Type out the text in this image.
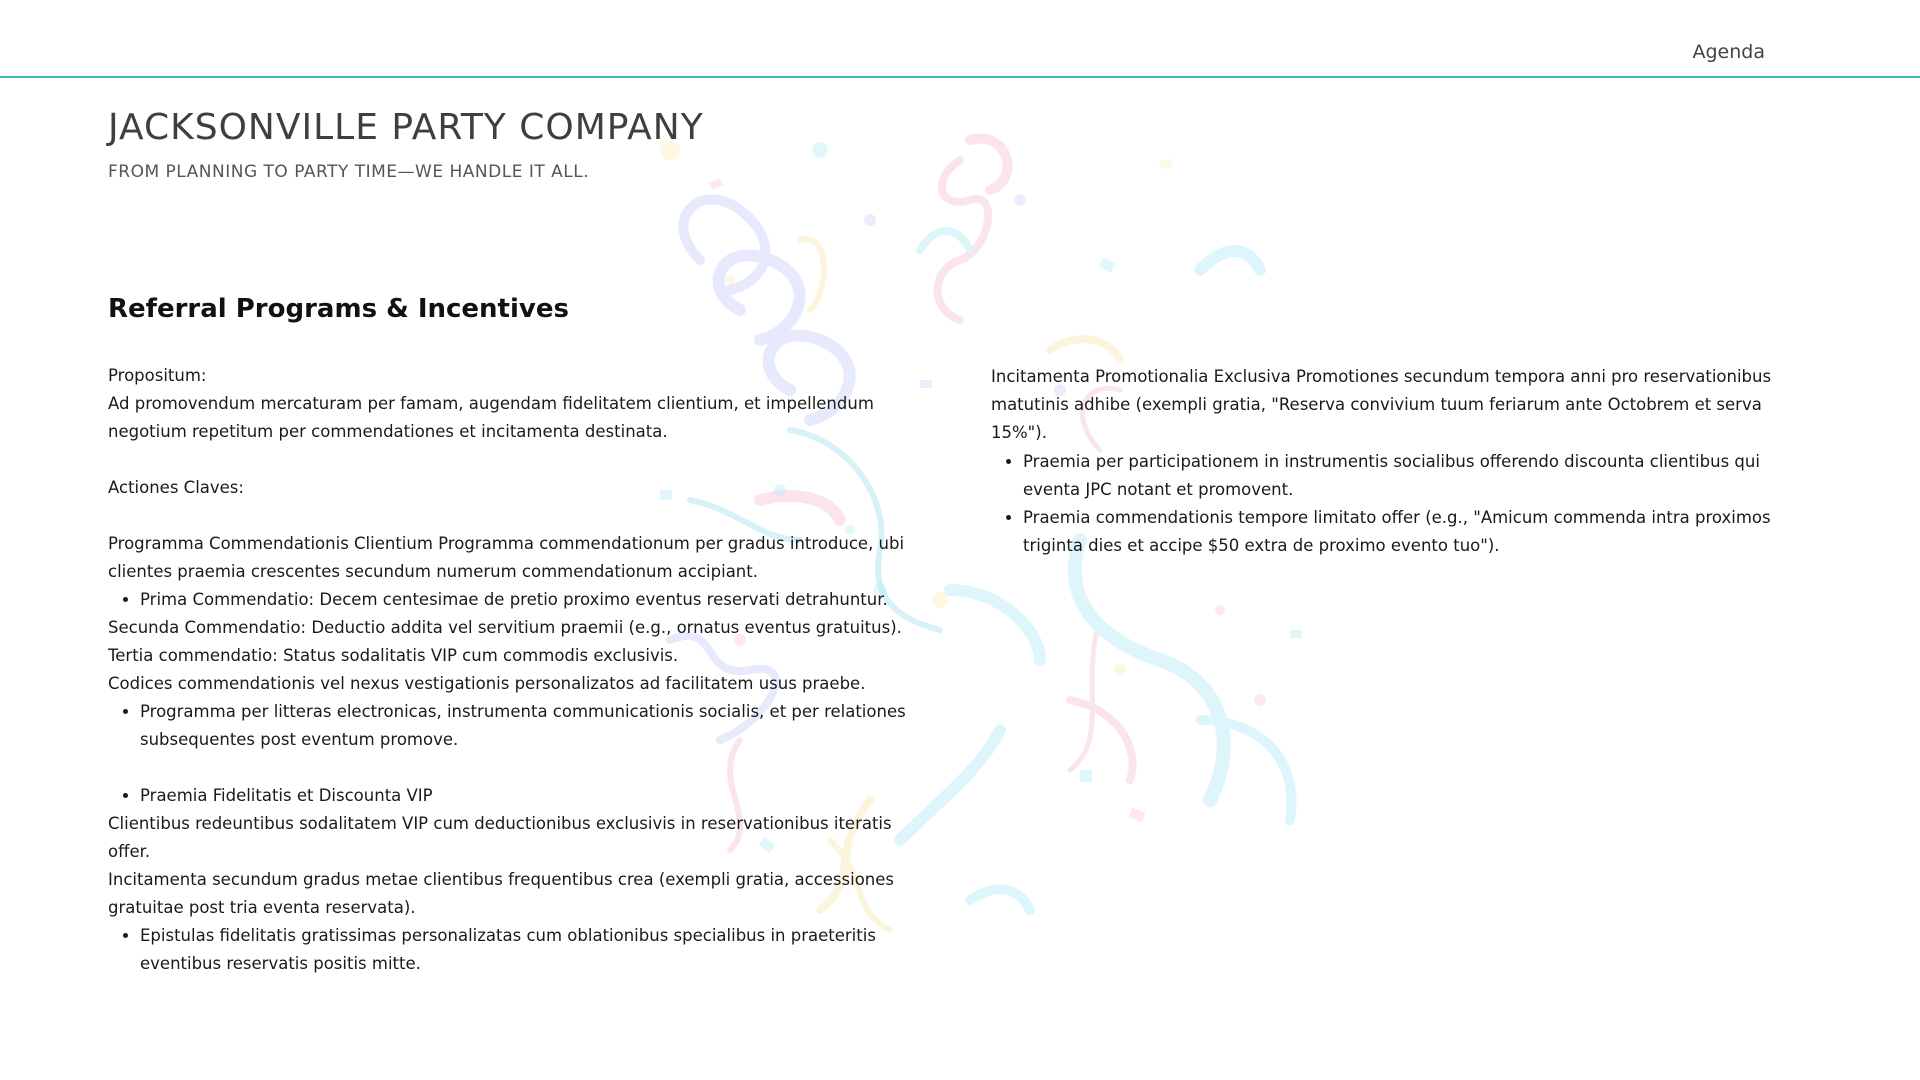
Agenda
JACKSONVILLE PARTY COMPANY
FROM PLANNING TO PARTY TIME—WE HANDLE IT ALL.
Referral Programs & Incentives

Propositum:

Ad promovendum mercaturam per famam, augendam fidelitatem clientium, et impellendum negotium repetitum per commendationes et incitamenta destinata.

Actiones Claves:

Programma Commendationis Clientium Programma commendationum per gradus introduce, ubi clientes praemia crescentes secundum numerum commendationum accipiant.

• Prima Commendatio: Decem centesimae de pretio proximo eventus reservati detrahuntur.

Secunda Commendatio: Deductio addita vel servitium praemii (e.g., ornatus eventus gratuitus).

Tertia commendatio: Status sodalitatis VIP cum commodis exclusivis.

Codices commendationis vel nexus vestigationis personalizatos ad facilitatem usus praebe.

• Programma per litteras electronicas, instrumenta communicationis socialis, et per relationes subsequentes post eventum promove.
• Praemia Fidelitatis et Discounta VIP

Clientibus redeuntibus sodalitatem VIP cum deductionibus exclusivis in reservationibus iteratis offer.

Incitamenta secundum gradus metae clientibus frequentibus crea (exempli gratia, accessiones gratuitae post tria eventa reservata).

• Epistulas fidelitatis gratissimas personalizatas cum oblationibus specialibus in praeteritis eventibus reservatis positis mitte.

Incitamenta Promotionalia Exclusiva Promotiones secundum tempora anni pro reservationibus matutinis adhibe (exempli gratia, "Reserva convivium tuum feriarum ante Octobrem et serva 15%").

• Praemia per participationem in instrumentis socialibus offerendo discounta clientibus qui eventa JPC notant et promovent.
• Praemia commendationis tempore limitato offer (e.g., "Amicum commenda intra proximos triginta dies et accipe $50 extra de proximo evento tuo").
